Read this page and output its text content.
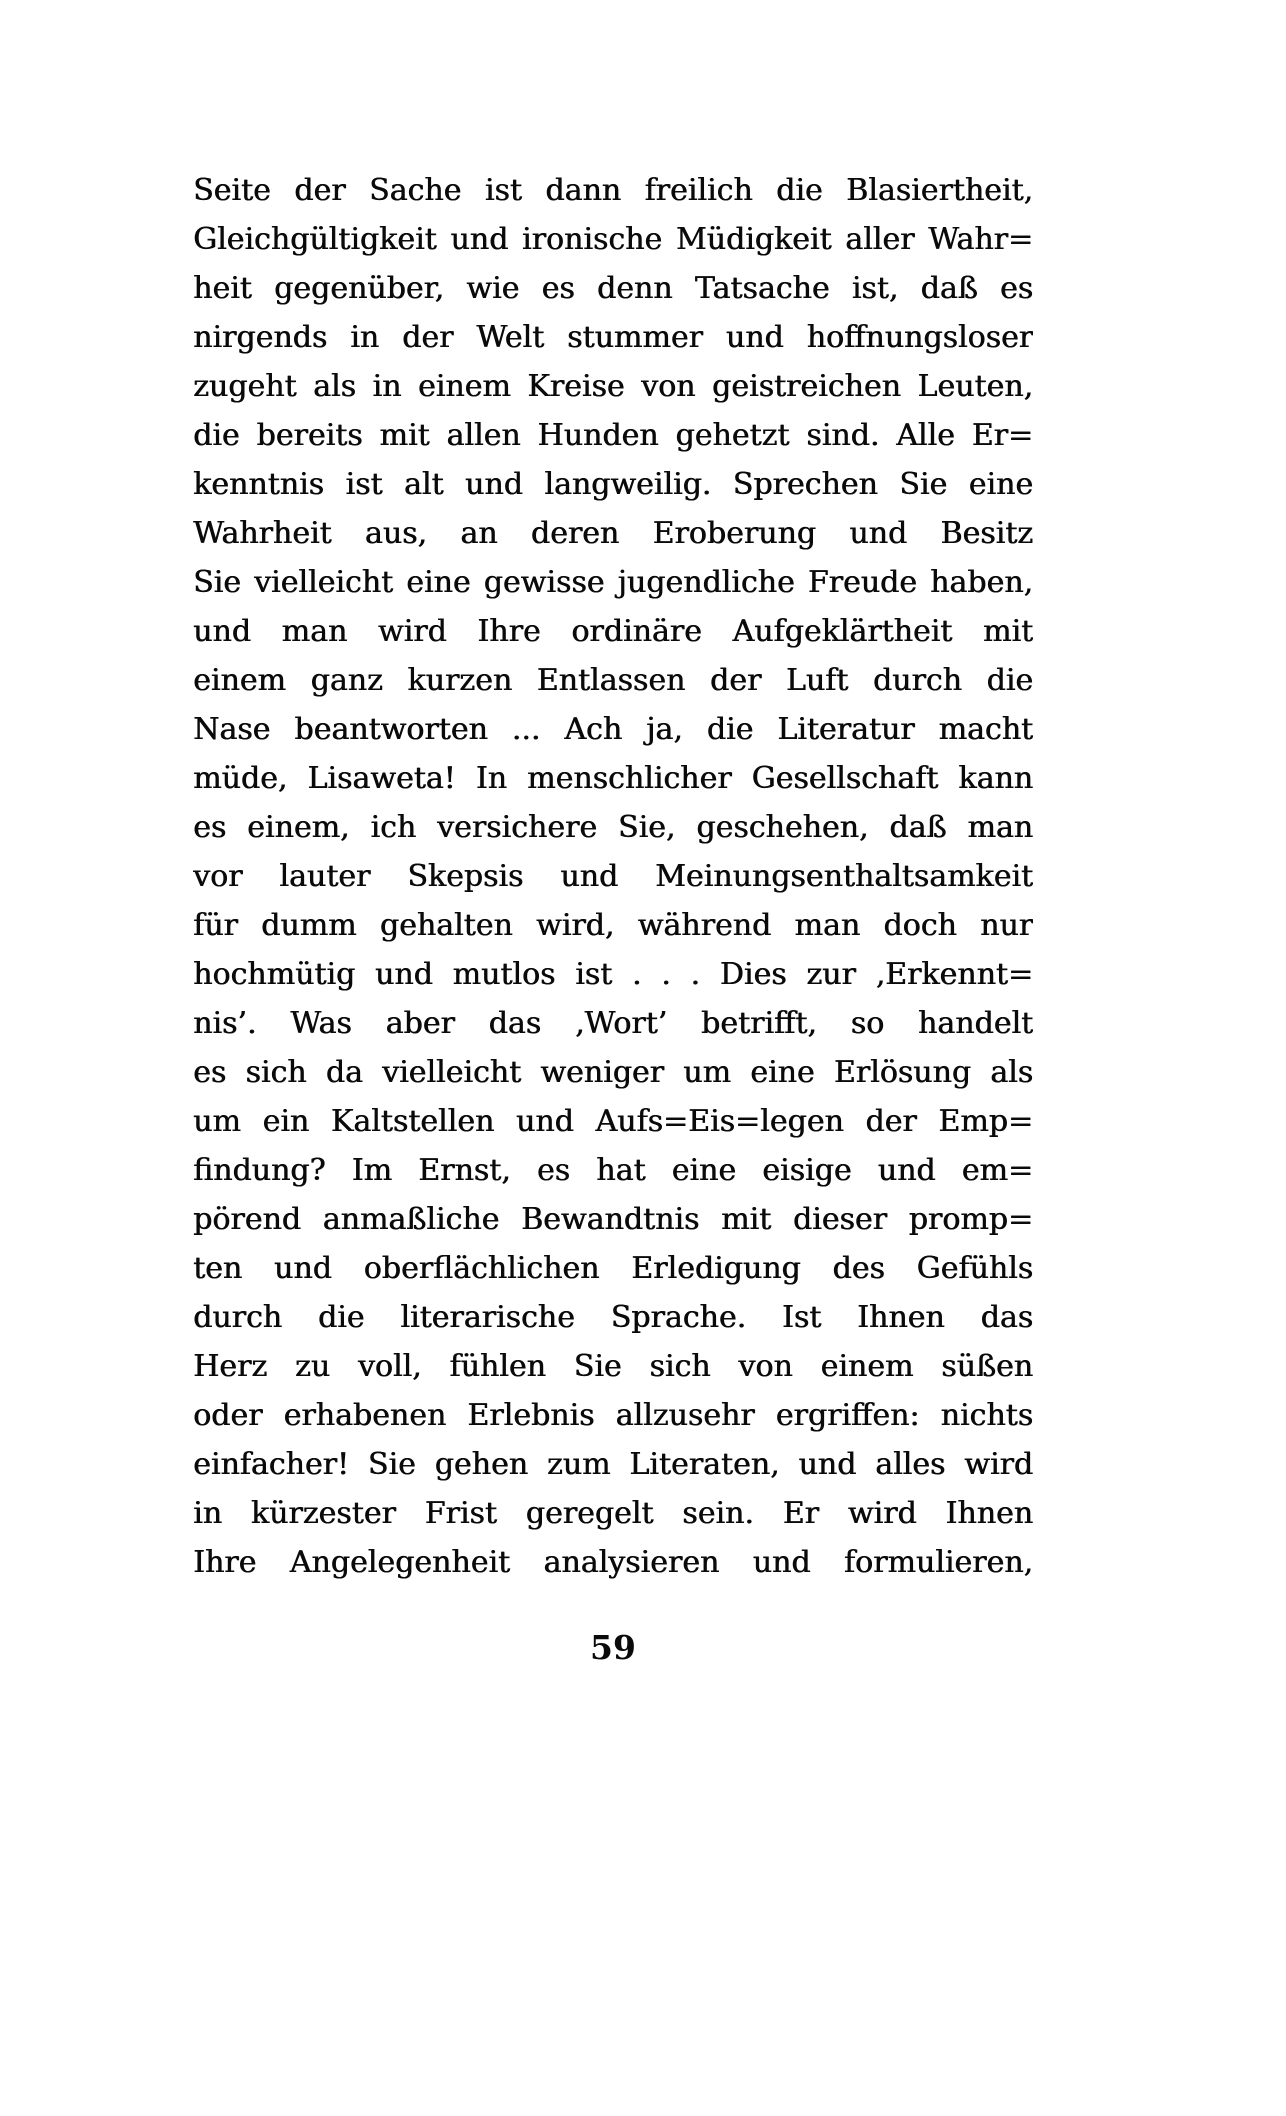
Seite der Sache ist dann freilich die Blasiertheit,
Gleichgültigkeit und ironische Müdigkeit aller Wahr=
heit gegenüber, wie es denn Tatsache ist, daß es
nirgends in der Welt stummer und hoffnungsloser
zugeht als in einem Kreise von geistreichen Leuten,
die bereits mit allen Hunden gehetzt sind. Alle Er=
kenntnis ist alt und langweilig. Sprechen Sie eine
Wahrheit aus, an deren Eroberung und Besitz
Sie vielleicht eine gewisse jugendliche Freude haben,
und man wird Ihre ordinäre Aufgeklärtheit mit
einem ganz kurzen Entlassen der Luft durch die
Nase beantworten ... Ach ja, die Literatur macht
müde, Lisaweta! In menschlicher Gesellschaft kann
es einem, ich versichere Sie, geschehen, daß man
vor lauter Skepsis und Meinungsenthaltsamkeit
für dumm gehalten wird, während man doch nur
hochmütig und mutlos ist . . . Dies zur ‚Erkennt=
nis’. Was aber das ‚Wort’ betrifft, so handelt
es sich da vielleicht weniger um eine Erlösung als
um ein Kaltstellen und Aufs=Eis=legen der Emp=
findung? Im Ernst, es hat eine eisige und em=
pörend anmaßliche Bewandtnis mit dieser promp=
ten und oberflächlichen Erledigung des Gefühls
durch die literarische Sprache. Ist Ihnen das
Herz zu voll, fühlen Sie sich von einem süßen
oder erhabenen Erlebnis allzusehr ergriffen: nichts
einfacher! Sie gehen zum Literaten, und alles wird
in kürzester Frist geregelt sein. Er wird Ihnen
Ihre Angelegenheit analysieren und formulieren,
59
